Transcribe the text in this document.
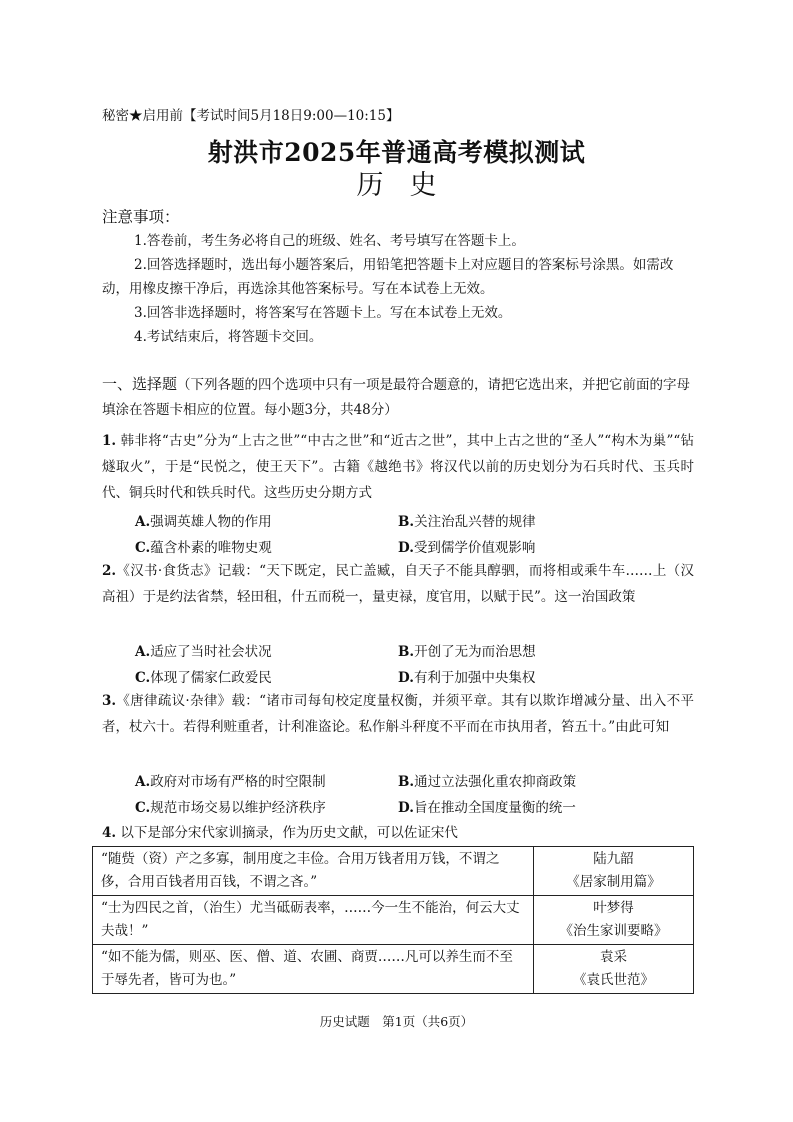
秘密★启用前【考试时间5月18日9:00—10:15】
射洪市2025年普通高考模拟测试
历史
注意事项：

1.答卷前，考生务必将自己的班级、姓名、考号填写在答题卡上。

2.回答选择题时，选出每小题答案后，用铅笔把答题卡上对应题目的答案标号涂黑。如需改动，用橡皮擦干净后，再选涂其他答案标号。写在本试卷上无效。

3.回答非选择题时，将答案写在答题卡上。写在本试卷上无效。

4.考试结束后，将答题卡交回。

一、选择题（下列各题的四个选项中只有一项是最符合题意的，请把它选出来，并把它前面的字母填涂在答题卡相应的位置。每小题3分，共48分）
1. 韩非将“古史”分为“上古之世”“中古之世”和“近古之世”，其中上古之世的“圣人”“构木为巢”“钻燧取火”，于是“民悦之，使王天下”。古籍《越绝书》将汉代以前的历史划分为石兵时代、玉兵时代、铜兵时代和铁兵时代。这些历史分期方式
A.强调英雄人物的作用	B.关注治乱兴替的规律
C.蕴含朴素的唯物史观	D.受到儒学价值观影响
2.《汉书·食货志》记载：“天下既定，民亡盖臧，自天子不能具醇驷，而将相或乘牛车……上（汉高祖）于是约法省禁，轻田租，什五而税一，量吏禄，度官用，以赋于民”。这一治国政策
A.适应了当时社会状况	B.开创了无为而治思想
C.体现了儒家仁政爱民	D.有利于加强中央集权
3.《唐律疏议·杂律》载：“诸市司每旬校定度量权衡，并须平章。其有以欺诈增减分量、出入不平者，杖六十。若得利赃重者，计利准盗论。私作斛斗秤度不平而在市执用者，笞五十。”由此可知
A.政府对市场有严格的时空限制	B.通过立法强化重农抑商政策
C.规范市场交易以维护经济秩序	D.旨在推动全国度量衡的统一
4. 以下是部分宋代家训摘录，作为历史文献，可以佐证宋代
“随赀（资）产之多寡，制用度之丰俭。合用万钱者用万钱，不谓之侈，合用百钱者用百钱，不谓之吝。”	陆九韶
《居家制用篇》

“士为四民之首，（治生）尤当砥砺表率，……今一生不能治，何云大丈夫哉！”	叶梦得
《治生家训要略》

“如不能为儒，则巫、医、僧、道、农圃、商贾……凡可以养生而不至于辱先者，皆可为也。”	袁采
《袁氏世范》
历史试题　第1页（共6页）
